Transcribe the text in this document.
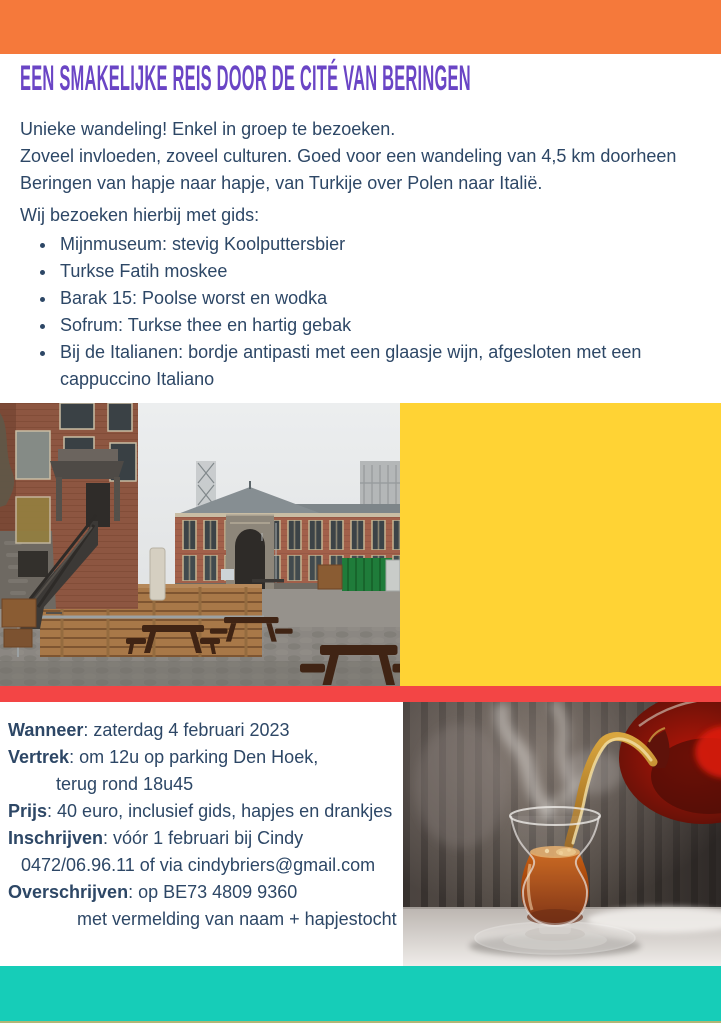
EEN SMAKELIJKE REIS DOOR DE CITÉ VAN BERINGEN

Unieke wandeling! Enkel in groep te bezoeken.

Zoveel invloeden, zoveel culturen. Goed voor een wandeling van 4,5 km doorheen Beringen van hapje naar hapje, van Turkije over Polen naar Italië.

Wij bezoeken hierbij met gids:

• Mijnmuseum: stevig Koolputtersbier
• Turkse Fatih moskee
• Barak 15: Poolse worst en wodka
• Sofrum: Turkse thee en hartig gebak
• Bij de Italianen: bordje antipasti met een glaasje wijn, afgesloten met een cappuccino Italiano
Wanneer: zaterdag 4 februari 2023
Vertrek: om 12u op parking Den Hoek,
terug rond 18u45
Prijs: 40 euro, inclusief gids, hapjes en drankjes
Inschrijven: vóór 1 februari bij Cindy
0472/06.96.11 of via cindybriers@gmail.com
Overschrijven: op BE73 4809 9360
met vermelding van naam + hapjestocht
